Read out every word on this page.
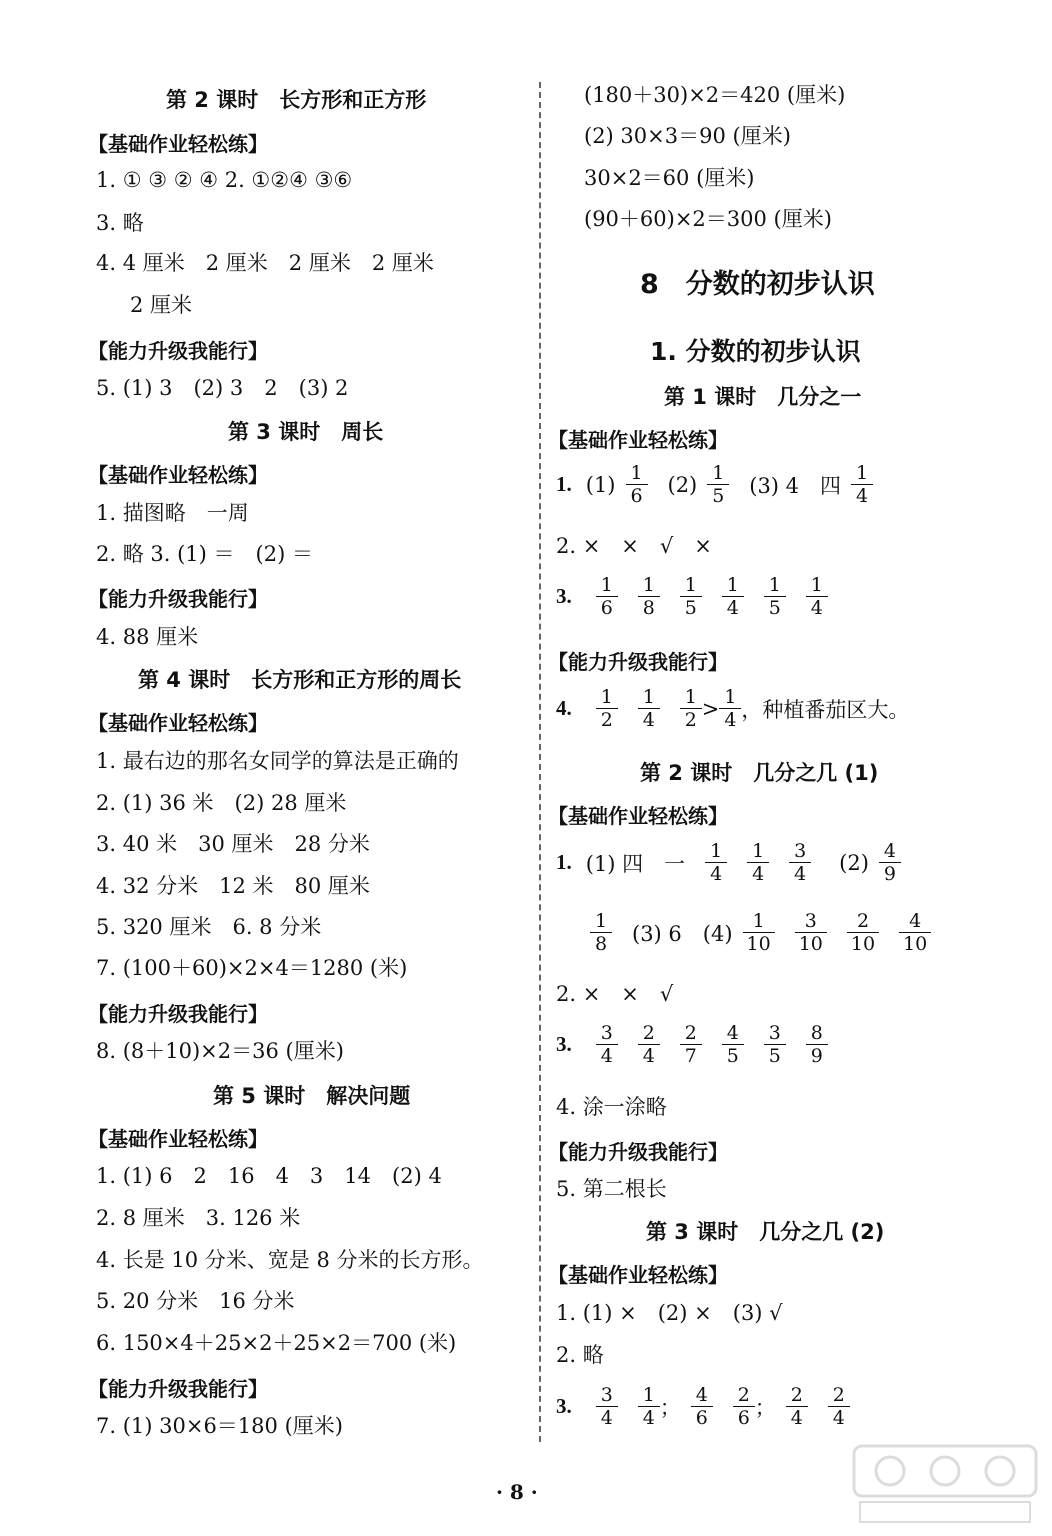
第 2 课时　长方形和正方形
【基础作业轻松练】
1. ① ③ ② ④ 2. ①②④ ③⑥
3. 略
4. 4 厘米　2 厘米　2 厘米　2 厘米
2 厘米
【能力升级我能行】
5. (1) 3　(2) 3　2　(3) 2
第 3 课时　周长
【基础作业轻松练】
1. 描图略　一周
2. 略 3. (1) ＝　(2) ＝
【能力升级我能行】
4. 88 厘米
第 4 课时　长方形和正方形的周长
【基础作业轻松练】
1. 最右边的那名女同学的算法是正确的
2. (1) 36 米　(2) 28 厘米
3. 40 米　30 厘米　28 分米
4. 32 分米　12 米　80 厘米
5. 320 厘米　6. 8 分米
7. (100＋60)×2×4＝1280 (米)
【能力升级我能行】
8. (8＋10)×2＝36 (厘米)
第 5 课时　解决问题
【基础作业轻松练】
1. (1) 6　2　16　4　3　14　(2) 4
2. 8 厘米　3. 126 米
4. 长是 10 分米、宽是 8 分米的长方形。
5. 20 分米　16 分米
6. 150×4＋25×2＋25×2＝700 (米)
【能力升级我能行】
7. (1) 30×6＝180 (厘米)
(180＋30)×2＝420 (厘米)
(2) 30×3＝90 (厘米)
30×2＝60 (厘米)
(90＋60)×2＝300 (厘米)
8　分数的初步认识
1. 分数的初步认识
第 1 课时　几分之一
【基础作业轻松练】
1. $(1) \frac{1}{6} (2) \frac{1}{5} (3)$ 4　四 $\frac{1}{4}$
2. ×　×　√　×
3. $\frac{1}{6} \frac{1}{8} \frac{1}{5} \frac{1}{4} \frac{1}{5} \frac{1}{4}$
【能力升级我能行】
4. $\frac{1}{2} \frac{1}{4} \frac{1}{2} > \frac{1}{4}$ ，种植番茄区大。
第 2 课时　几分之几 (1)
【基础作业轻松练】
1. (1) 四　一 $\frac{1}{4} \frac{1}{4} \frac{3}{4} (2) \frac{4}{9}$
$\frac{1}{8} (3)$ 6　$(4) \frac{1}{10} \frac{3}{10} \frac{2}{10} \frac{4}{10}$
2. ×　×　√
3. $\frac{3}{4} \frac{2}{4} \frac{2}{7} \frac{4}{5} \frac{3}{5} \frac{8}{9}$
4. 涂一涂略
【能力升级我能行】
5. 第二根长
第 3 课时　几分之几 (2)
【基础作业轻松练】
1. (1) ×　(2) ×　(3) √
2. 略
3. $\frac{3}{4} \frac{1}{4}$ ； $\frac{4}{6} \frac{2}{6}$ ； $\frac{2}{4} \frac{2}{4}$
· 8 ·
